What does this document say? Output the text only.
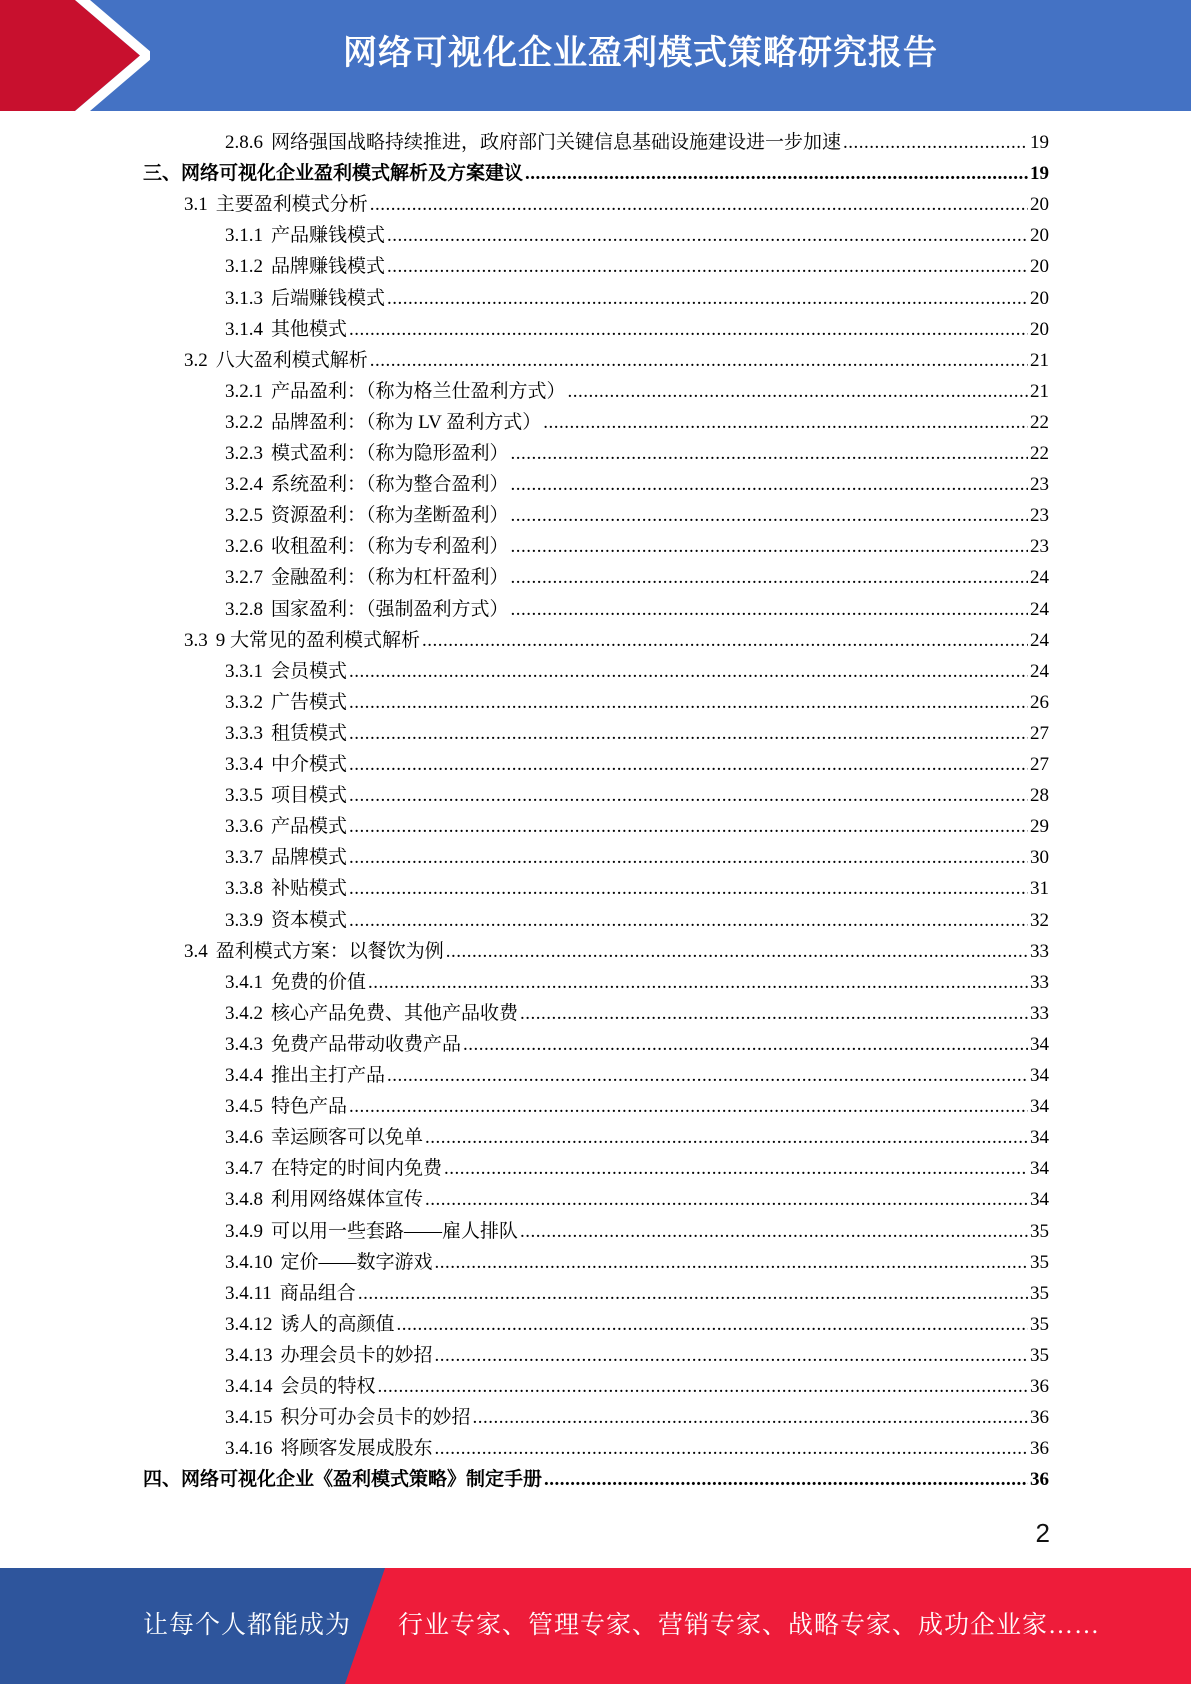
网络可视化企业盈利模式策略研究报告
2.8.6 网络强国战略持续推进，政府部门关键信息基础设施建设进一步加速 .....	19
三、网络可视化企业盈利模式解析及方案建议 .....	19
3.1 主要盈利模式分析 .....	20
3.1.1 产品赚钱模式 .....	20
3.1.2 品牌赚钱模式 .....	20
3.1.3 后端赚钱模式 .....	20
3.1.4 其他模式 .....	20
3.2 八大盈利模式解析 .....	21
3.2.1 产品盈利：（称为格兰仕盈利方式） .....	21
3.2.2 品牌盈利：（称为 LV 盈利方式） .....	22
3.2.3 模式盈利：（称为隐形盈利） .....	22
3.2.4 系统盈利：（称为整合盈利） .....	23
3.2.5 资源盈利：（称为垄断盈利） .....	23
3.2.6 收租盈利：（称为专利盈利） .....	23
3.2.7 金融盈利：（称为杠杆盈利） .....	24
3.2.8 国家盈利：（强制盈利方式） .....	24
3.3 9 大常见的盈利模式解析 .....	24
3.3.1 会员模式 .....	24
3.3.2 广告模式 .....	26
3.3.3 租赁模式 .....	27
3.3.4 中介模式 .....	27
3.3.5 项目模式 .....	28
3.3.6 产品模式 .....	29
3.3.7 品牌模式 .....	30
3.3.8 补贴模式 .....	31
3.3.9 资本模式 .....	32
3.4 盈利模式方案：以餐饮为例 .....	33
3.4.1 免费的价值 .....	33
3.4.2 核心产品免费、其他产品收费 .....	33
3.4.3 免费产品带动收费产品 .....	34
3.4.4 推出主打产品 .....	34
3.4.5 特色产品 .....	34
3.4.6 幸运顾客可以免单 .....	34
3.4.7 在特定的时间内免费 .....	34
3.4.8 利用网络媒体宣传 .....	34
3.4.9 可以用一些套路——雇人排队 .....	35
3.4.10 定价——数字游戏 .....	35
3.4.11 商品组合 .....	35
3.4.12 诱人的高颜值 .....	35
3.4.13 办理会员卡的妙招 .....	35
3.4.14 会员的特权 .....	36
3.4.15 积分可办会员卡的妙招 .....	36
3.4.16 将顾客发展成股东 .....	36
四、网络可视化企业《盈利模式策略》制定手册 .....	36
2
让每个人都能成为 行业专家、管理专家、营销专家、战略专家、成功企业家……
